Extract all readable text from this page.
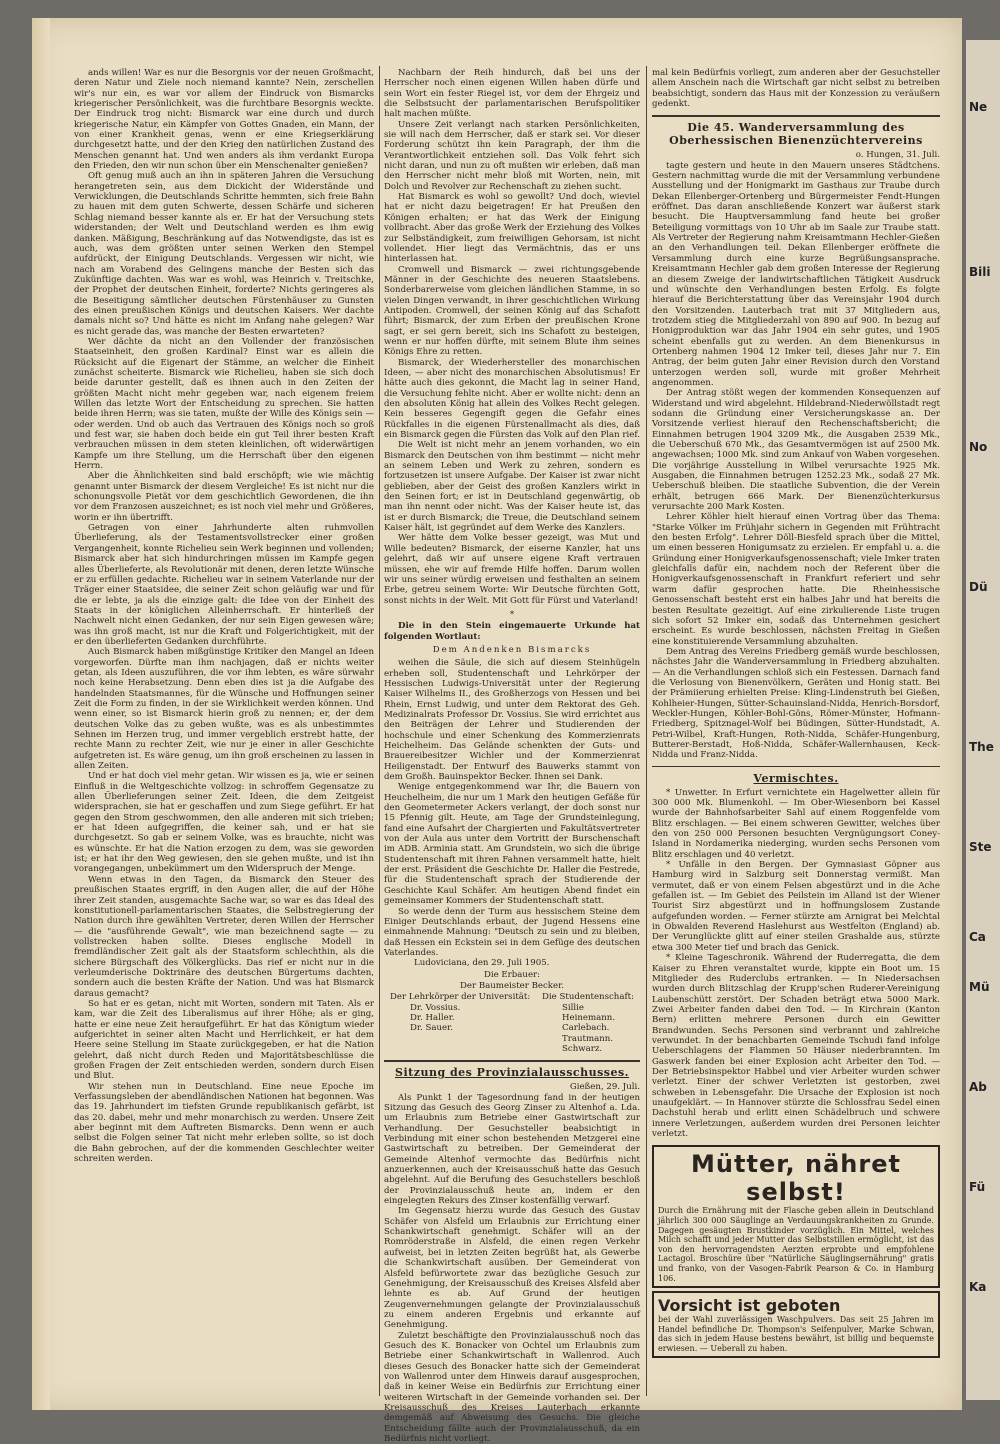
ands willen! War es nur die Besorgnis vor der neuen Großmacht, deren Natur und Ziele noch niemand kannte? Nein, zerschellen wir's nur ein, es war vor allem der Eindruck von Bismarcks kriegerischer Persönlichkeit, was die furchtbare Besorgnis weckte. Der Eindruck trog nicht: Bismarck war eine durch und durch kriegerische Natur, ein Kämpfer von Gottes Gnaden, ein Mann, der von einer Krankheit genas, wenn er eine Kriegserklärung durchgesetzt hatte, und der den Krieg den natürlichen Zustand des Menschen genannt hat. Und wen anders als ihm verdankt Europa den Frieden, den wir nun schon über ein Menschenalter genießen?

Oft genug muß auch an ihn in späteren Jahren die Versuchung herangetreten sein, aus dem Dickicht der Widerstände und Verwicklungen, die Deutschlands Schritte hemmten, sich freie Bahn zu hauen mit dem guten Schwerte, dessen Schärfe und sicheren Schlag niemand besser kannte als er. Er hat der Versuchung stets widerstanden; der Welt und Deutschland werden es ihm ewig danken. Mäßigung, Beschränkung auf das Notwendigste, das ist es auch, was dem größten unter seinen Werken den Stempel aufdrückt, der Einigung Deutschlands. Vergessen wir nicht, wie nach am Vorabend des Gelingens manche der Besten sich das Zukünftige dachten. Was war es wohl, was Heinrich v. Treitschke, der Prophet der deutschen Einheit, forderte? Nichts geringeres als die Beseitigung sämtlicher deutschen Fürstenhäuser zu Gunsten des einen preußischen Königs und deutschen Kaisers. Wer dachte damals nicht so? Und hätte es nicht im Anfang nahe gelegen? War es nicht gerade das, was manche der Besten erwarteten?

Wer dächte da nicht an den Vollender der französischen Staatseinheit, den großen Kardinal? Einst war es allein die Rücksicht auf die Eigenart der Stämme, an welcher die Einheit zunächst scheiterte. Bismarck wie Richelieu, haben sie sich doch beide darunter gestellt, daß es ihnen auch in den Zeiten der größten Macht nicht mehr gegeben war, nach eigenem freiem Willen das letzte Wort der Entscheidung zu sprechen. Sie hatten beide ihren Herrn; was sie taten, mußte der Wille des Königs sein — oder werden. Und ob auch das Vertrauen des Königs noch so groß und fest war, sie haben doch beide ein gut Teil ihrer besten Kraft verbrauchen müssen in dem steten kleinlichen, oft widerwärtigen Kampfe um ihre Stellung, um die Herrschaft über den eigenen Herrn.

Aber die Ähnlichkeiten sind bald erschöpft; wie wie mächtig genannt unter Bismarck der diesem Vergleiche! Es ist nicht nur die schonungsvolle Pietät vor dem geschichtlich Gewordenen, die ihn vor dem Franzosen auszeichnet; es ist noch viel mehr und Größeres, worin er ihn übertrifft.

Getragen von einer Jahrhunderte alten ruhmvollen Überlieferung, als der Testamentsvollstrecker einer großen Vergangenheit, konnte Richelieu sein Werk beginnen und vollenden; Bismarck aber hat sich hindurchringen müssen im Kampfe gegen alles Überlieferte, als Revolutionär mit denen, deren letzte Wünsche er zu erfüllen gedachte. Richelieu war in seinem Vaterlande nur der Träger einer Staatsidee, die seiner Zeit schon geläufig war und für die er lebte, ja als die einzige galt: die Idee von der Einheit des Staats in der königlichen Alleinherrschaft. Er hinterließ der Nachwelt nicht einen Gedanken, der nur sein Eigen gewesen wäre; was ihn groß macht, ist nur die Kraft und Folgerichtigkeit, mit der er den überlieferten Gedanken durchführte.

Auch Bismarck haben mißgünstige Kritiker den Mangel an Ideen vorgeworfen. Dürfte man ihm nachjagen, daß er nichts weiter getan, als Ideen auszuführen, die vor ihm lebten, es wäre sürwahr noch keine Herabsetzung. Denn eben dies ist ja die Aufgabe des handelnden Staatsmannes, für die Wünsche und Hoffnungen seiner Zeit die Form zu finden, in der sie Wirklichkeit werden können. Und wenn einer, so ist Bismarck hierin groß zu nennen; er, der dem deutschen Volke das zu geben wußte, was es als unbestimmtes Sehnen im Herzen trug, und immer vergeblich erstrebt hatte, der rechte Mann zu rechter Zeit, wie nur je einer in aller Geschichte aufgetreten ist. Es wäre genug, um ihn groß erscheinen zu lassen in allen Zeiten.

Und er hat doch viel mehr getan. Wir wissen es ja, wie er seinen Einfluß in die Weltgeschichte vollzog: in schroffem Gegensatze zu allen Überlieferungen seiner Zeit. Ideen, die dem Zeitgeist widersprachen, sie hat er geschaffen und zum Siege geführt. Er hat gegen den Strom geschwommen, den alle anderen mit sich trieben; er hat Ideen aufgegriffen, die keiner sah, und er hat sie durchgesetzt. So gab er seinem Volke, was es brauchte, nicht was es wünschte. Er hat die Nation erzogen zu dem, was sie geworden ist; er hat ihr den Weg gewiesen, den sie gehen mußte, und ist ihn vorangegangen, unbekümmert um den Widerspruch der Menge.

Wenn etwas in den Tagen, da Bismarck den Steuer des preußischen Staates ergriff, in den Augen aller, die auf der Höhe ihrer Zeit standen, ausgemachte Sache war, so war es das Ideal des konstitutionell-parlamentarischen Staates, die Selbstregierung der Nation durch ihre gewählten Vertreter, deren Willen der Herrscher — die "ausführende Gewalt", wie man bezeichnend sagte — zu vollstrecken haben sollte. Dieses englische Modell in fremdländischer Zeit galt als der Staatsform schlechthin, als die sichere Bürgschaft des Völkerglücks. Das rief er nicht nur in die verleumderische Doktrinäre des deutschen Bürgertums dachten, sondern auch die besten Kräfte der Nation. Und was hat Bismarck daraus gemacht?

So hat er es getan, nicht mit Worten, sondern mit Taten. Als er kam, war die Zeit des Liberalismus auf ihrer Höhe; als er ging, hatte er eine neue Zeit heraufgeführt. Er hat das Königtum wieder aufgerichtet in seiner alten Macht und Herrlichkeit, er hat dem Heere seine Stellung im Staate zurückgegeben, er hat die Nation gelehrt, daß nicht durch Reden und Majoritätsbeschlüsse die großen Fragen der Zeit entschieden werden, sondern durch Eisen und Blut.

Wir stehen nun in Deutschland. Eine neue Epoche im Verfassungsleben der abendländischen Nationen hat begonnen. Was das 19. Jahrhundert im tiefsten Grunde republikanisch gefärbt, ist das 20. dabei, mehr und mehr monarchisch zu werden. Unsere Zeit aber beginnt mit dem Auftreten Bismarcks. Denn wenn er auch selbst die Folgen seiner Tat nicht mehr erleben sollte, so ist doch die Bahn gebrochen, auf der die kommenden Geschlechter weiter schreiten werden.

Nachbarn der Reih hindurch, daß bei uns der Herrscher noch einen eigenen Willen haben dürfe und sein Wort ein fester Riegel ist, vor dem der Ehrgeiz und die Selbstsucht der parlamentarischen Berufspolitiker halt machen müßte.

Unsere Zeit verlangt nach starken Persönlichkeiten, sie will nach dem Herrscher, daß er stark sei. Vor dieser Forderung schützt ihn kein Paragraph, der ihm die Verantwortlichkeit entziehen soll. Das Volk fehrt sich nicht daran, und nun zu oft mußten wir erleben, daß man den Herrscher nicht mehr bloß mit Worten, nein, mit Dolch und Revolver zur Rechenschaft zu ziehen sucht.

Hat Bismarck es wohl so gewollt? Und doch, wieviel hat er nicht dazu beigetragen! Er hat Preußen den Königen erhalten; er hat das Werk der Einigung vollbracht. Aber das große Werk der Erziehung des Volkes zur Selbständigkeit, zum freiwilligen Gehorsam, ist nicht vollendet. Hier liegt das Vermächtnis, das er uns hinterlassen hat.

Cromwell und Bismarck — zwei richtungsgebende Männer in der Geschichte des neueren Staatslebens. Sonderbarerweise vom gleichen ländlichen Stamme, in so vielen Dingen verwandt, in ihrer geschichtlichen Wirkung Antipoden. Cromwell, der seinen König auf das Schafott führt; Bismarck, der zum Erben der preußischen Krone sagt, er sei gern bereit, sich ins Schafott zu besteigen, wenn er nur hoffen dürfte, mit seinem Blute ihm seines Königs Ehre zu retten.

Bismarck, der Wiederhersteller des monarchischen Ideen, — aber nicht des monarchischen Absolutismus! Er hätte auch dies gekonnt, die Macht lag in seiner Hand, die Versuchung fehlte nicht. Aber er wollte nicht: denn an den absoluten König hat allein des Volkes Recht gelegen. Kein besseres Gegengift gegen die Gefahr eines Rückfalles in die eigenen Fürstenallmacht als dies, daß ein Bismarck gegen die Fürsten das Volk auf den Plan rief.

Die Welt ist nicht mehr an jenem vorhanden, wo ein Bismarck den Deutschen von ihm bestimmt — nicht mehr an seinem Leben und Werk zu zehren, sondern es fortzusetzen ist unsere Aufgabe. Der Kaiser ist zwar nicht geblieben, aber der Geist des großen Kanzlers wirkt in den Seinen fort; er ist in Deutschland gegenwärtig, ob man ihn nennt oder nicht. Was der Kaiser heute ist, das ist er durch Bismarck; die Treue, die Deutschland seinem Kaiser hält, ist gegründet auf dem Werke des Kanzlers.

Wer hätte dem Volke besser gezeigt, was Mut und Wille bedeuten? Bismarck, der eiserne Kanzler, hat uns gelehrt, daß wir auf unsere eigene Kraft vertrauen müssen, ehe wir auf fremde Hilfe hoffen. Darum wollen wir uns seiner würdig erweisen und festhalten an seinem Erbe, getreu seinem Worte: Wir Deutsche fürchten Gott, sonst nichts in der Welt. Mit Gott für Fürst und Vaterland!

*

Die in den Stein eingemauerte Urkunde hat folgenden Wortlaut:

Dem Andenken Bismarcks

weihen die Säule, die sich auf diesem Steinhügeln erheben soll, Studentenschaft und Lehrkörper der Hessischen Ludwigs-Universität unter der Regierung Kaiser Wilhelms II., des Großherzogs von Hessen und bei Rhein, Ernst Ludwig, und unter dem Rektorat des Geh. Medizinalrats Professor Dr. Vossius. Sie wird errichtet aus den Beiträgen der Lehrer und Studierenden der hochschule und einer Schenkung des Kommerzienrats Heichelheim. Das Gelände schenkten der Guts- und Brauereibesitzer Wichler und der Kommerzienrat Heiligenstadt. Der Entwurf des Bauwerks stammt von dem Großh. Bauinspektor Becker. Ihnen sei Dank.

Wenige entgegenkommend war Ihr, die Bauern von Heuchelheim, die nur um 1 Mark den heutigen Gefäße für den Geometermeter Ackers verlangt, der doch sonst nur 15 Pfennig gilt. Heute, am Tage der Grundsteinlegung, fand eine Aufsahrt der Chargierten und Fakultätsvertreter von der Aula aus unter dem Vortritt der Burschenschaft im ADB. Arminia statt. Am Grundstein, wo sich die übrige Studentenschaft mit ihren Fahnen versammelt hatte, hielt der erst. Präsident die Geschichte Dr. Haller die Festrede, für die Studentenschaft sprach der Studierende der Geschichte Kaul Schäfer. Am heutigen Abend findet ein gemeinsamer Kommers der Studentenschaft statt.

So werde denn der Turm aus hessischem Steine dem Einiger Deutschlands erbaut, der Jugend Hessens eine einmahnende Mahnung: "Deutsch zu sein und zu bleiben, daß Hessen ein Eckstein sei in dem Gefüge des deutschen Vaterlandes.

Ludoviciana, den 29. Juli 1905.

Die Erbauer:
Der Baumeister Becker.
Der Lehrkörper der Universität:
Dr. Vossius.
Dr. Haller.
Dr. Sauer.
Die Studentenschaft:
Sillie
Heinemann.
Carlebach.
Trautmann.
Schwarz.
Sitzung des Provinzialausschusses.

Gießen, 29. Juli.

Als Punkt 1 der Tagesordnung fand in der heutigen Sitzung das Gesuch des Georg Zinser zu Altenhof a. Lda. um Erlaubnis zum Betriebe einer Gastwirtschaft zur Verhandlung. Der Gesuchsteller beabsichtigt in Verbindung mit einer schon bestehenden Metzgerei eine Gastwirtschaft zu betreiben. Der Gemeinderat der Gemeinde Altenhof vermochte das Bedürfnis nicht anzuerkennen, auch der Kreisausschuß hatte das Gesuch abgelehnt. Auf die Berufung des Gesuchstellers beschloß der Provinzialausschuß heute an, indem er den eingelegten Rekurs des Zinser kostenfällig verwarf.

Im Gegensatz hierzu wurde das Gesuch des Gustav Schäfer von Alsfeld um Erlaubnis zur Errichtung einer Schankwirtschaft genehmigt. Schäfer will an der Romröderstraße in Alsfeld, die einen regen Verkehr aufweist, bei in letzten Zeiten begrüßt hat, als Gewerbe die Schankwirtschaft ausüben. Der Gemeinderat von Alsfeld befürwortete zwar das bezügliche Gesuch zur Genehmigung, der Kreisausschuß des Kreises Alsfeld aber lehnte es ab. Auf Grund der heutigen Zeugenvernehmungen gelangte der Provinzialausschuß zu einem anderen Ergebnis und erkannte auf Genehmigung.

Zuletzt beschäftigte den Provinzialausschuß noch das Gesuch des K. Bonacker von Ochtel um Erlaubnis zum Betriebe einer Schankwirtschaft in Wallenrod. Auch dieses Gesuch des Bonacker hatte sich der Gemeinderat von Wallenrod unter dem Hinweis darauf ausgesprochen, daß in keiner Weise ein Bedürfnis zur Errichtung einer weiteren Wirtschaft in der Gemeinde vorhanden sei. Der Kreisausschuß des Kreises Lauterbach erkannte demgemäß auf Abweisung des Gesuchs. Die gleiche Entscheidung fällte auch der Provinzialausschuß, da ein Bedürfnis nicht vorliegt.

mal kein Bedürfnis vorliegt, zum anderen aber der Gesuchsteller allem Anschein nach die Wirtschaft gar nicht selbst zu betreiben beabsichtigt, sondern das Haus mit der Konzession zu veräußern gedenkt.

Die 45. Wanderversammlung des Oberhessischen Bienenzüchtervereins

o. Hungen, 31. Juli.

tagte gestern und heute in den Mauern unseres Städtchens. Gestern nachmittag wurde die mit der Versammlung verbundene Ausstellung und der Honigmarkt im Gasthaus zur Traube durch Dekan Ellenberger-Ortenberg und Bürgermeister Fendt-Hungen eröffnet. Das daran anschließende Konzert war äußerst stark besucht. Die Hauptversammlung fand heute bei großer Beteiligung vormittags von 10 Uhr ab im Saale zur Traube statt. Als Vertreter der Regierung nahm Kreisamtmann Hechler-Gießen an den Verhandlungen teil. Dekan Ellenberger eröffnete die Versammlung durch eine kurze Begrüßungsansprache. Kreisamtmann Hechler gab dem großen Interesse der Regierung an diesem Zweige der landwirtschaftlichen Tätigkeit Ausdruck und wünschte den Verhandlungen besten Erfolg. Es folgte hierauf die Berichterstattung über das Vereinsjahr 1904 durch den Vorsitzenden. Lauterbach trat mit 37 Mitgliedern aus, trotzdem stieg die Mitgliederzahl von 890 auf 900. In bezug auf Honigproduktion war das Jahr 1904 ein sehr gutes, und 1905 scheint ebenfalls gut zu werden. An dem Bienenkursus in Ortenberg nahmen 1904 12 Imker teil, dieses Jahr nur 7. Ein Antrag, der beim guten Jahr einer Revision durch den Vorstand unterzogen werden soll, wurde mit großer Mehrheit angenommen.

Der Antrag stößt wegen der kommenden Konsequenzen auf Widerstand und wird abgelehnt. Hildebrand-Niederwöllstadt regt sodann die Gründung einer Versicherungskasse an. Der Vorsitzende verliest hierauf den Rechenschaftsbericht; die Einnahmen betrugen 1904 3209 Mk., die Ausgaben 2539 Mk., die Ueberschuß 670 Mk., das Gesamtvermögen ist auf 2500 Mk. angewachsen; 1000 Mk. sind zum Ankauf von Waben vorgesehen. Die vorjährige Ausstellung in Wilbel verursachte 1925 Mk. Ausgaben, die Einnahmen betrugen 1252.23 Mk., sodaß 27 Mk. Ueberschuß bleiben. Die staatliche Subvention, die der Verein erhält, betrugen 666 Mark. Der Bienenzüchterkursus verursachte 200 Mark Kosten.

Lehrer Köhler hielt hierauf einen Vortrag über das Thema: "Starke Völker im Frühjahr sichern in Gegenden mit Frühtracht den besten Erfolg". Lehrer Döll-Biesfeld sprach über die Mittel, um einen besseren Honigumsatz zu erzielen. Er empfahl u. a. die Gründung einer Honigverkaufsgenossenschaft; viele Imker traten gleichfalls dafür ein, nachdem noch der Referent über die Honigverkaufsgenossenschaft in Frankfurt referiert und sehr warm dafür gesprochen hatte. Die Rheinhessische Genossenschaft besteht erst ein halbes Jahr und hat bereits die besten Resultate gezeitigt. Auf eine zirkulierende Liste trugen sich sofort 52 Imker ein, sodaß das Unternehmen gesichert erscheint. Es wurde beschlossen, nächsten Freitag in Gießen eine konstituierende Versammlung abzuhalten.

Dem Antrag des Vereins Friedberg gemäß wurde beschlossen, nächstes Jahr die Wanderversammlung in Friedberg abzuhalten. — An die Verhandlungen schloß sich ein Festessen. Darnach fand die Verlosung von Bienenvölkern, Geräten und Honig statt. Bei der Prämiierung erhielten Preise: Kling-Lindenstruth bei Gießen, Kohlheier-Hungen, Sütter-Schauinsland-Nidda, Henrich-Borsdorf, Weckler-Hungen, Köhler-Bohl-Göns, Römer-Münster, Hofmann-Friedberg, Spitznagel-Wolf bei Büdingen, Sütter-Hundstadt, A. Petri-Wilbel, Kraft-Hungen, Roth-Nidda, Schäfer-Hungenburg, Butterer-Berstadt, Hoß-Nidda, Schäfer-Wallernhausen, Keck-Nidda und Franz-Nidda.

Vermischtes.

* Unwetter. In Erfurt vernichtete ein Hagelwetter allein für 300 000 Mk. Blumenkohl. — Im Ober-Wiesenborn bei Kassel wurde der Bahnhofsarbeiter Sahl auf einem Roggenfelde vom Blitz erschlagen. — Bei einem schweren Gewitter, welches über den von 250 000 Personen besuchten Vergnügungsort Coney-Island in Nordamerika niederging, wurden sechs Personen vom Blitz erschlagen und 40 verletzt.

* Unfälle in den Bergen. Der Gymnasiast Göpner aus Hamburg wird in Salzburg seit Donnerstag vermißt. Man vermutet, daß er von einem Felsen abgestürzt und in die Ache gefallen ist. — Im Gebiet des Peilstein im Alland ist der Wiener Tourist Sirz abgestürzt und in hoffnungslosem Zustande aufgefunden worden. — Ferner stürzte am Arnigrat bei Melchtal in Obwalden Reverend Haslehurst aus Westfelton (England) ab. Der Verunglückte glitt auf einer steilen Grashalde aus, stürzte etwa 300 Meter tief und brach das Genick.

* Kleine Tageschronik. Während der Ruderregatta, die dem Kaiser zu Ehren veranstaltet wurde, kippte ein Boot um. 15 Mitglieder des Ruderclubs ertranken. — In Niedersachsen wurden durch Blitzschlag der Krupp'schen Ruderer-Vereinigung Laubenschütt zerstört. Der Schaden beträgt etwa 5000 Mark. Zwei Arbeiter fanden dabei den Tod. — In Kirchrain (Kanton Bern) erlitten mehrere Personen durch ein Gewitter Brandwunden. Sechs Personen sind verbrannt und zahlreiche verwundet. In der benachbarten Gemeinde Tschudi fand infolge Ueberschlagens der Flammen 50 Häuser niederbrannten. Im Gaswerk fanden bei einer Explosion acht Arbeiter den Tod. — Der Betriebsinspektor Habbel und vier Arbeiter wurden schwer verletzt. Einer der schwer Verletzten ist gestorben, zwei schweben in Lebensgefahr. Die Ursache der Explosion ist noch unaufgeklärt. — In Hannover stürzte die Schlossfrau Sedel einen Dachstuhl herab und erlitt einen Schädelbruch und schwere innere Verletzungen, außerdem wurden drei Personen leichter verletzt.

Mütter, nähret selbst!

Durch die Ernährung mit der Flasche geben allein in Deutschland jährlich 300 000 Säuglinge an Verdauungskrankheiten zu Grunde. Dagegen gesäugten Brustkinder vorzüglich. Ein Mittel, welches Milch schafft und jeder Mutter das Selbststillen ermöglicht, ist das von den hervorragendsten Aerzten erprobte und empfohlene Lactagol. Broschüre über "Natürliche Säuglingsernährung" gratis und franko, von der Vasogen-Fabrik Pearson & Co. in Hamburg 106.

Vorsicht ist geboten

bei der Wahl zuverlässigen Waschpulvers. Das seit 25 Jahren im Handel befindliche Dr. Thompson's Seifenpulver, Marke Schwan, das sich in jedem Hause bestens bewährt, ist billig und bequemste erwiesen. — Ueberall zu haben.

Ne
Bili
No
Dü
The
Ste
Ca
Mü
Ab
Fü
Ka
